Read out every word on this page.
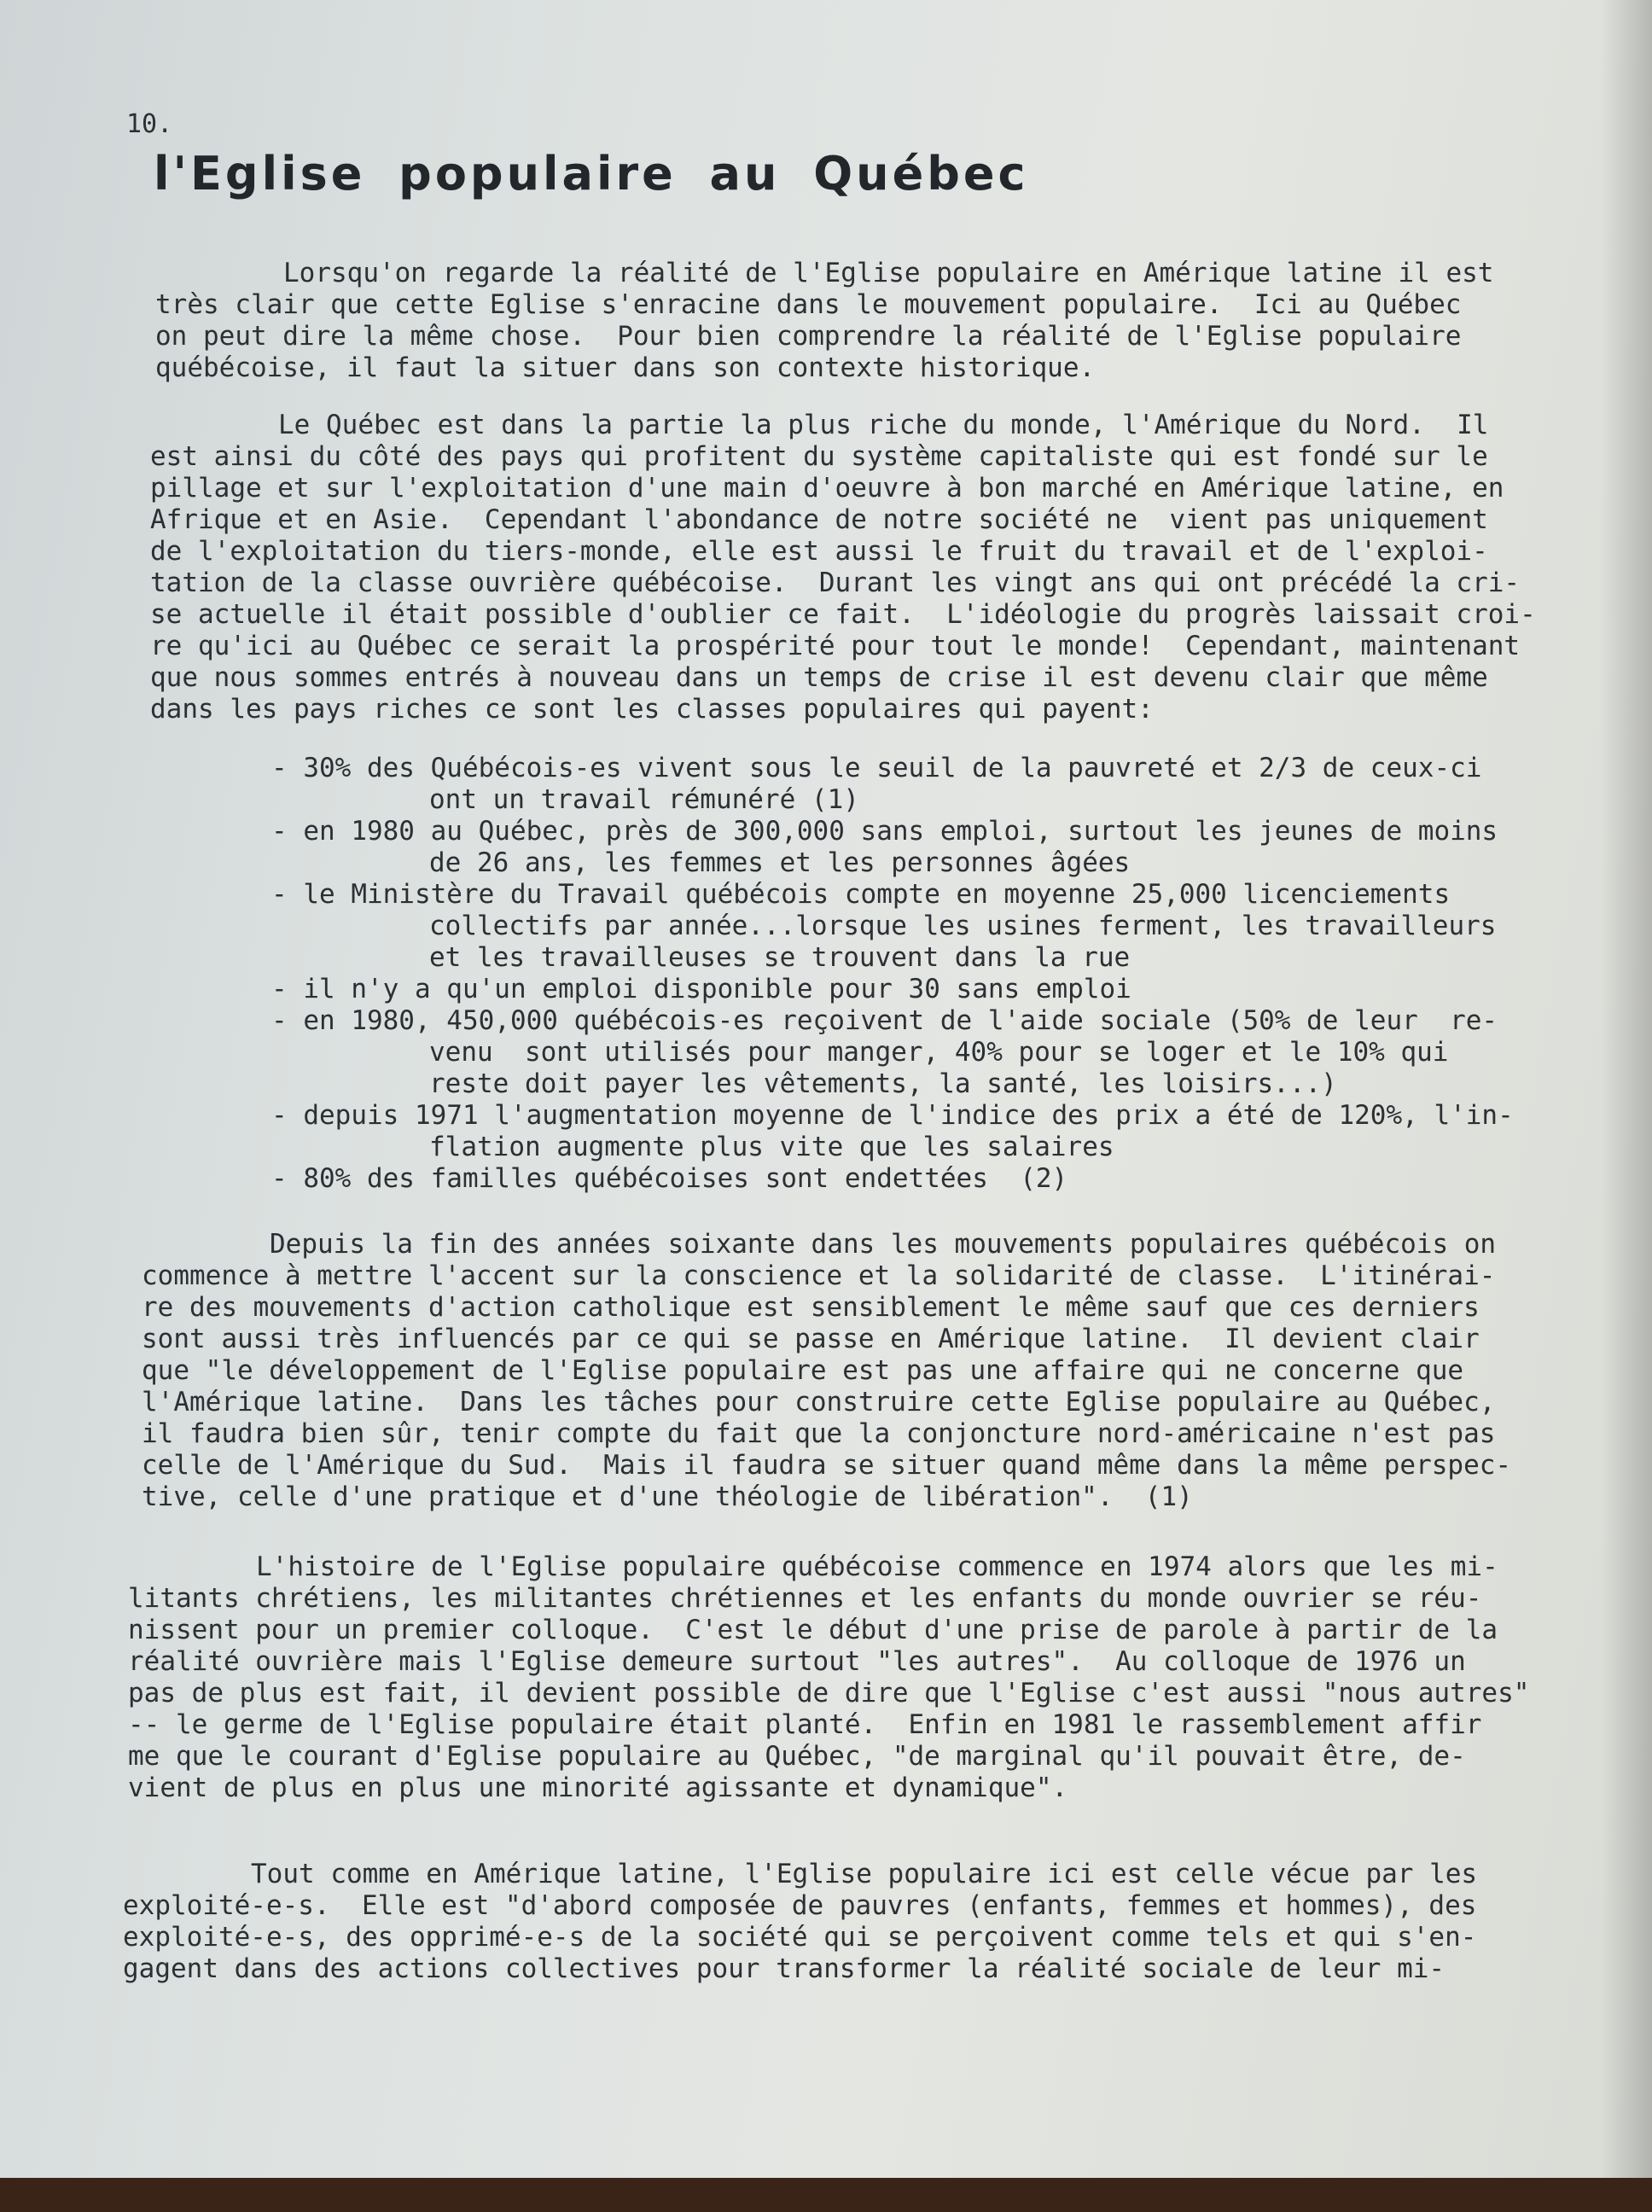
10.
l'Eglise populaire au Québec
Lorsqu'on regarde la réalité de l'Eglise populaire en Amérique latine il est
très clair que cette Eglise s'enracine dans le mouvement populaire.  Ici au Québec
on peut dire la même chose.  Pour bien comprendre la réalité de l'Eglise populaire
québécoise, il faut la situer dans son contexte historique.
Le Québec est dans la partie la plus riche du monde, l'Amérique du Nord.  Il
est ainsi du côté des pays qui profitent du système capitaliste qui est fondé sur le
pillage et sur l'exploitation d'une main d'oeuvre à bon marché en Amérique latine, en
Afrique et en Asie.  Cependant l'abondance de notre société ne  vient pas uniquement
de l'exploitation du tiers-monde, elle est aussi le fruit du travail et de l'exploi-
tation de la classe ouvrière québécoise.  Durant les vingt ans qui ont précédé la cri-
se actuelle il était possible d'oublier ce fait.  L'idéologie du progrès laissait croi-
re qu'ici au Québec ce serait la prospérité pour tout le monde!  Cependant, maintenant
que nous sommes entrés à nouveau dans un temps de crise il est devenu clair que même
dans les pays riches ce sont les classes populaires qui payent:
- 30% des Québécois-es vivent sous le seuil de la pauvreté et 2/3 de ceux-ci
ont un travail rémunéré (1)
- en 1980 au Québec, près de 300,000 sans emploi, surtout les jeunes de moins
de 26 ans, les femmes et les personnes âgées
- le Ministère du Travail québécois compte en moyenne 25,000 licenciements
collectifs par année...lorsque les usines ferment, les travailleurs
et les travailleuses se trouvent dans la rue
- il n'y a qu'un emploi disponible pour 30 sans emploi
- en 1980, 450,000 québécois-es reçoivent de l'aide sociale (50% de leur  re-
venu  sont utilisés pour manger, 40% pour se loger et le 10% qui
reste doit payer les vêtements, la santé, les loisirs...)
- depuis 1971 l'augmentation moyenne de l'indice des prix a été de 120%, l'in-
flation augmente plus vite que les salaires
- 80% des familles québécoises sont endettées  (2)
Depuis la fin des années soixante dans les mouvements populaires québécois on
commence à mettre l'accent sur la conscience et la solidarité de classe.  L'itinérai-
re des mouvements d'action catholique est sensiblement le même sauf que ces derniers
sont aussi très influencés par ce qui se passe en Amérique latine.  Il devient clair
que "le développement de l'Eglise populaire est pas une affaire qui ne concerne que
l'Amérique latine.  Dans les tâches pour construire cette Eglise populaire au Québec,
il faudra bien sûr, tenir compte du fait que la conjoncture nord-américaine n'est pas
celle de l'Amérique du Sud.  Mais il faudra se situer quand même dans la même perspec-
tive, celle d'une pratique et d'une théologie de libération".  (1)
L'histoire de l'Eglise populaire québécoise commence en 1974 alors que les mi-
litants chrétiens, les militantes chrétiennes et les enfants du monde ouvrier se réu-
nissent pour un premier colloque.  C'est le début d'une prise de parole à partir de la
réalité ouvrière mais l'Eglise demeure surtout "les autres".  Au colloque de 1976 un
pas de plus est fait, il devient possible de dire que l'Eglise c'est aussi "nous autres"
-- le germe de l'Eglise populaire était planté.  Enfin en 1981 le rassemblement affir
me que le courant d'Eglise populaire au Québec, "de marginal qu'il pouvait être, de-
vient de plus en plus une minorité agissante et dynamique".
Tout comme en Amérique latine, l'Eglise populaire ici est celle vécue par les
exploité-e-s.  Elle est "d'abord composée de pauvres (enfants, femmes et hommes), des
exploité-e-s, des opprimé-e-s de la société qui se perçoivent comme tels et qui s'en-
gagent dans des actions collectives pour transformer la réalité sociale de leur mi-
